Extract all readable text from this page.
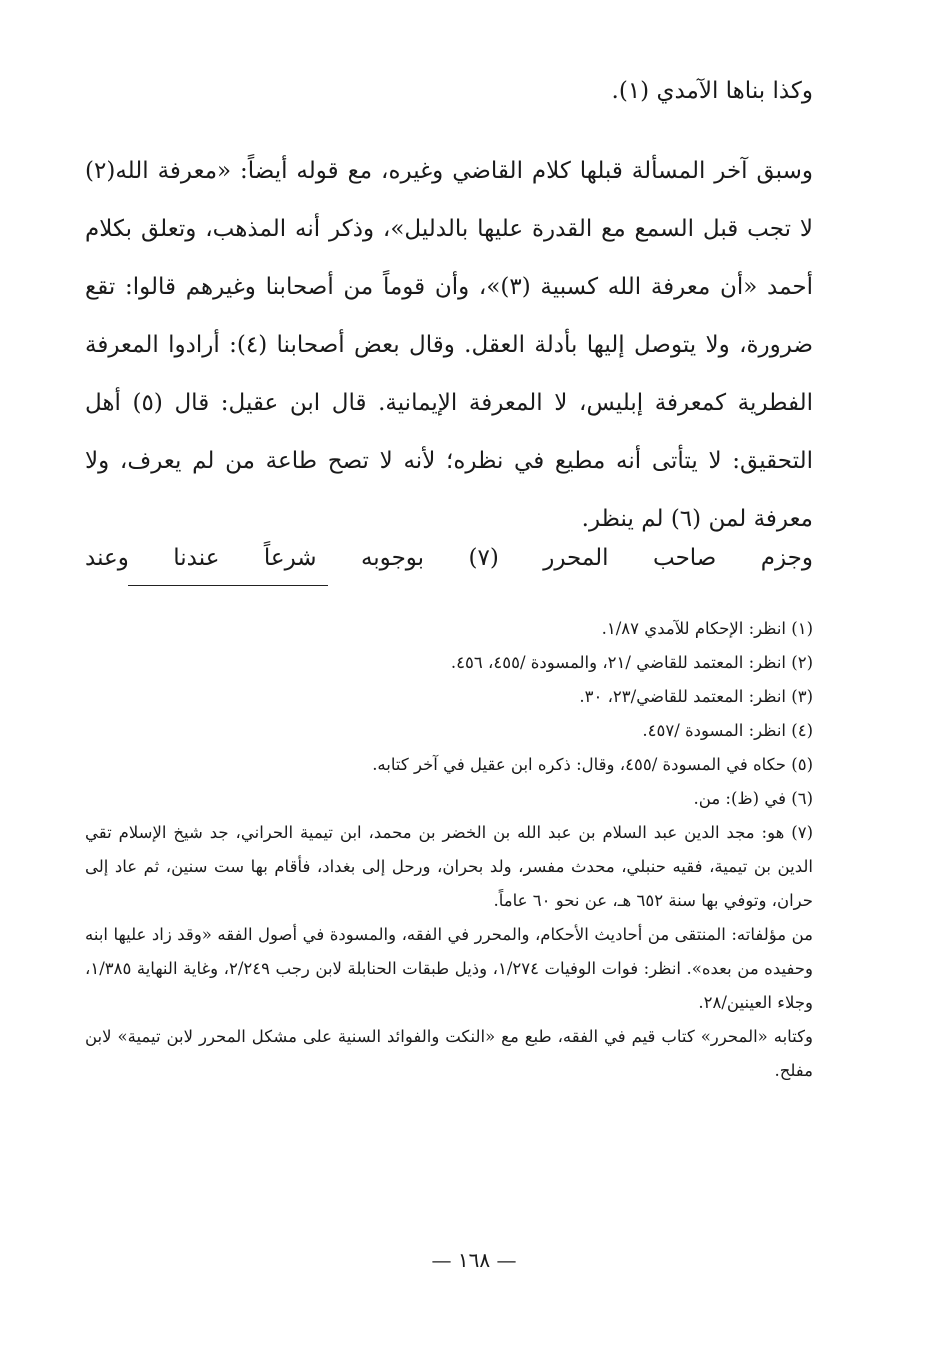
وكذا بناها الآمدي (١).

وسبق آخر المسألة قبلها كلام القاضي وغيره، مع قوله أيضاً: «معرفة الله(٢) لا تجب قبل السمع مع القدرة عليها بالدليل»، وذكر أنه المذهب، وتعلق بكلام أحمد «أن معرفة الله كسبية (٣)»، وأن قوماً من أصحابنا وغيرهم قالوا: تقع ضرورة، ولا يتوصل إليها بأدلة العقل. وقال بعض أصحابنا (٤): أرادوا المعرفة الفطرية كمعرفة إبليس، لا المعرفة الإيمانية. قال ابن عقيل: قال (٥) أهل التحقيق: لا يتأتى أنه مطيع في نظره؛ لأنه لا تصح طاعة من لم يعرف، ولا معرفة لمن (٦) لم ينظر.

وجزم صاحب المحرر (٧) بوجوبه شرعاً عندنا وعند

(١) انظر: الإحكام للآمدي ١/٨٧.

(٢) انظر: المعتمد للقاضي /٢١، والمسودة /٤٥٥، ٤٥٦.

(٣) انظر: المعتمد للقاضي/٢٣، ٣٠.

(٤) انظر: المسودة /٤٥٧.

(٥) حكاه في المسودة /٤٥٥، وقال: ذكره ابن عقيل في آخر كتابه.

(٦) في (ظ): من.

(٧) هو: مجد الدين عبد السلام بن عبد الله بن الخضر بن محمد، ابن تيمية الحراني، جد شيخ الإسلام تقي الدين بن تيمية، فقيه حنبلي، محدث مفسر، ولد بحران، ورحل إلى بغداد، فأقام بها ست سنين، ثم عاد إلى حران، وتوفي بها سنة ٦٥٢ هـ، عن نحو ٦٠ عاماً.

من مؤلفاته: المنتقى من أحاديث الأحكام، والمحرر في الفقه، والمسودة في أصول الفقه «وقد زاد عليها ابنه وحفيده من بعده». انظر: فوات الوفيات ١/٢٧٤، وذيل طبقات الحنابلة لابن رجب ٢/٢٤٩، وغاية النهاية ١/٣٨٥، وجلاء العينين/٢٨.

وكتابه «المحرر» كتاب قيم في الفقه، طبع مع «النكت والفوائد السنية على مشكل المحرر لابن تيمية» لابن مفلح.

— ١٦٨ —
